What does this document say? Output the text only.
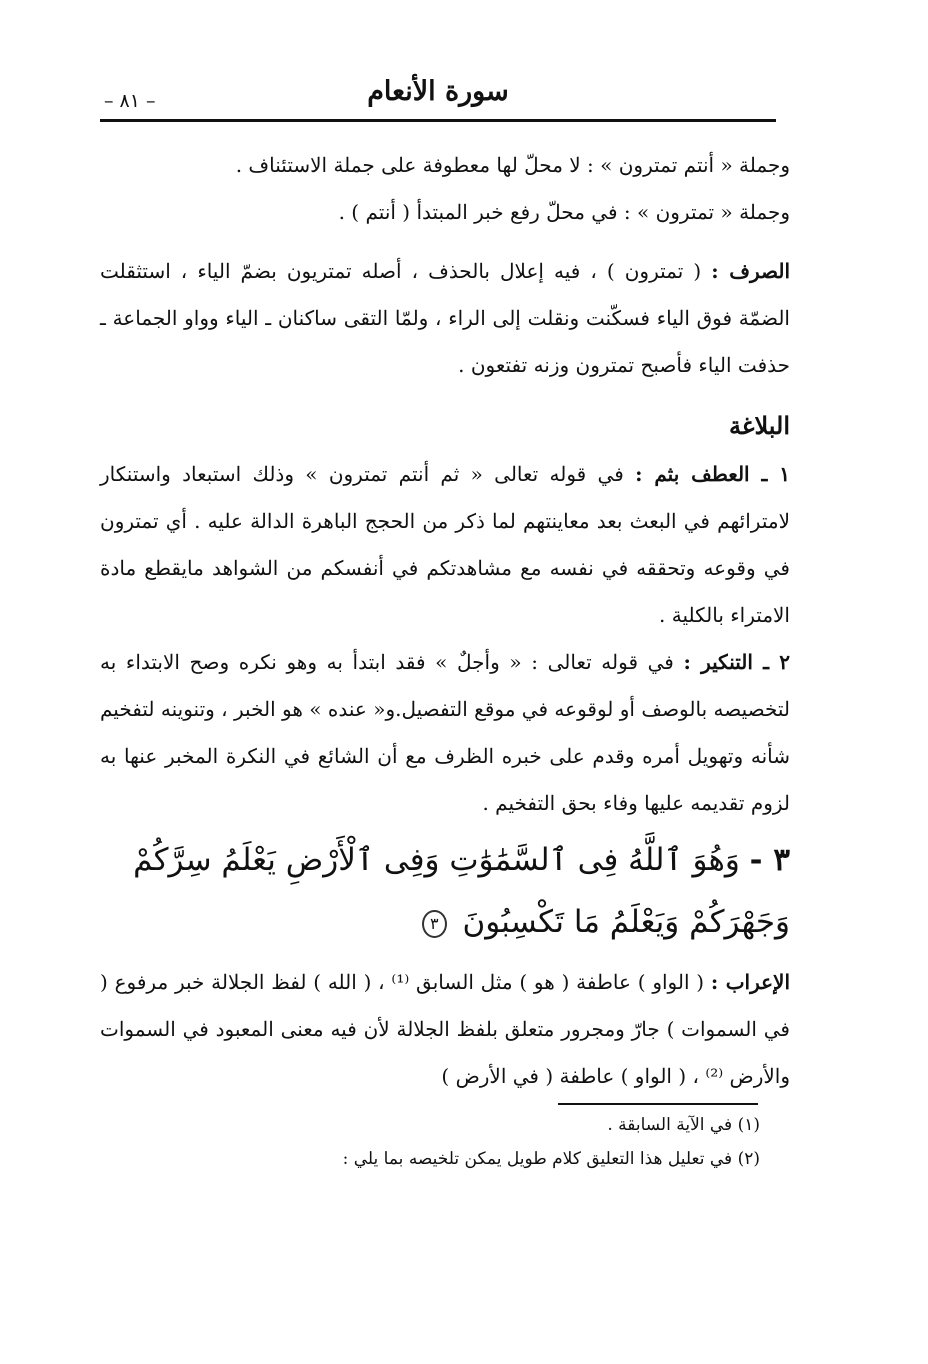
سورة الأنعام
– ٨١ –

وجملة « أنتم تمترون » : لا محلّ لها معطوفة على جملة الاستئناف .

وجملة « تمترون » : في محلّ رفع خبر المبتدأ ( أنتم ) .

الصرف : ( تمترون ) ، فيه إعلال بالحذف ، أصله تمتريون بضمّ الياء ، استثقلت الضمّة فوق الياء فسكّنت ونقلت إلى الراء ، ولمّا التقى ساكنان ـ الياء وواو الجماعة ـ حذفت الياء فأصبح تمترون وزنه تفتعون .

البلاغة

١ ـ العطف بثم : في قوله تعالى « ثم أنتم تمترون » وذلك استبعاد واستنكار لامترائهم في البعث بعد معاينتهم لما ذكر من الحجج الباهرة الدالة عليه . أي تمترون في وقوعه وتحققه في نفسه مع مشاهدتكم في أنفسكم من الشواهد مايقطع مادة الامتراء بالكلية .

٢ ـ التنكير : في قوله تعالى : « وأجلٌ » فقد ابتدأ به وهو نكره وصح الابتداء به لتخصيصه بالوصف أو لوقوعه في موقع التفصيل.و« عنده » هو الخبر ، وتنوينه لتفخيم شأنه وتهويل أمره وقدم على خبره الظرف مع أن الشائع في النكرة المخبر عنها به لزوم تقديمه عليها وفاء بحق التفخيم .

٣ - وَهُوَ ٱللَّهُ فِى ٱلسَّمَٰوَٰتِ وَفِى ٱلْأَرْضِ يَعْلَمُ سِرَّكُمْ وَجَهْرَكُمْ وَيَعْلَمُ مَا تَكْسِبُونَ ٣

الإعراب : ( الواو ) عاطفة ( هو ) مثل السابق ⁽¹⁾ ، ( الله ) لفظ الجلالة خبر مرفوع ( في السموات ) جارّ ومجرور متعلق بلفظ الجلالة لأن فيه معنى المعبود في السموات والأرض ⁽²⁾ ، ( الواو ) عاطفة ( في الأرض )

(١) في الآية السابقة .

(٢) في تعليل هذا التعليق كلام طويل يمكن تلخيصه بما يلي :
